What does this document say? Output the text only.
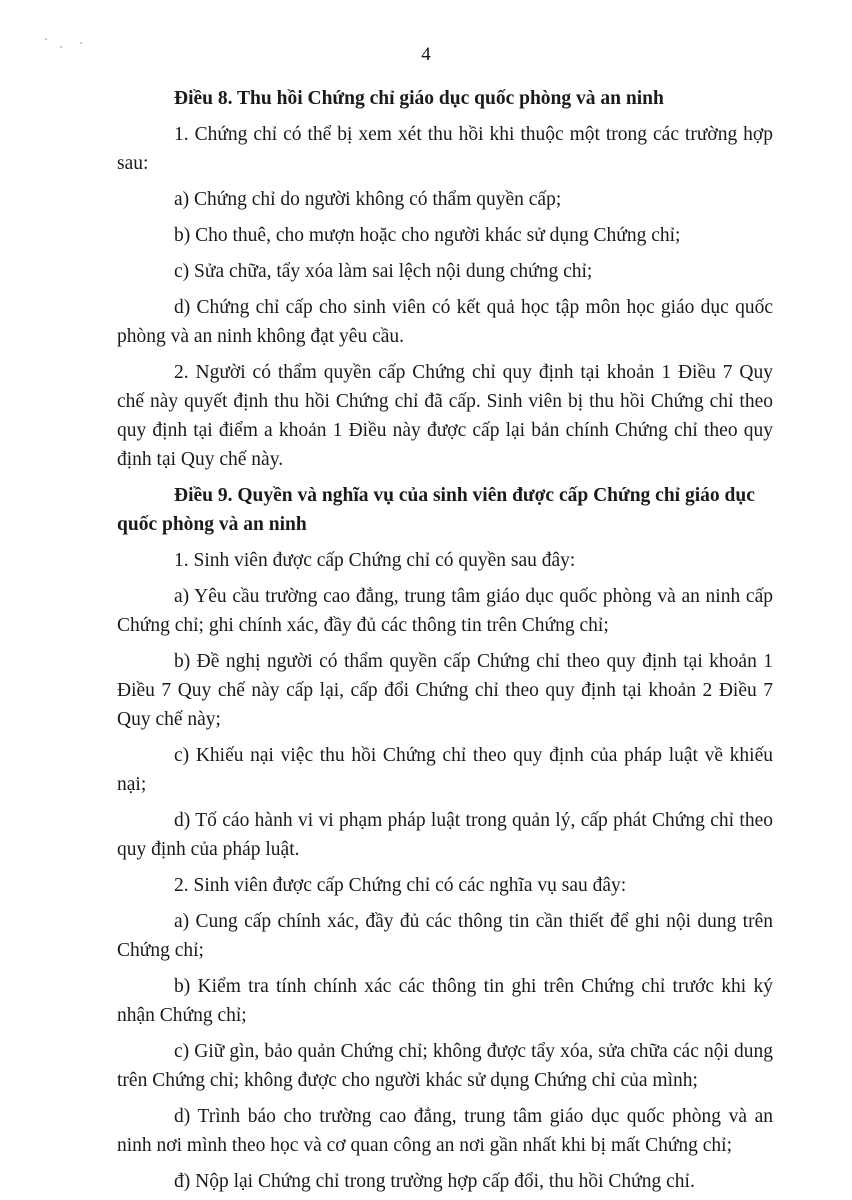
4
Điều 8. Thu hồi Chứng chỉ giáo dục quốc phòng và an ninh

1. Chứng chỉ có thể bị xem xét thu hồi khi thuộc một trong các trường hợp sau:

a) Chứng chỉ do người không có thẩm quyền cấp;

b) Cho thuê, cho mượn hoặc cho người khác sử dụng Chứng chỉ;

c) Sửa chữa, tẩy xóa làm sai lệch nội dung chứng chỉ;

d) Chứng chỉ cấp cho sinh viên có kết quả học tập môn học giáo dục quốc phòng và an ninh không đạt yêu cầu.

2. Người có thẩm quyền cấp Chứng chỉ quy định tại khoản 1 Điều 7 Quy chế này quyết định thu hồi Chứng chỉ đã cấp. Sinh viên bị thu hồi Chứng chỉ theo quy định tại điểm a khoản 1 Điều này được cấp lại bản chính Chứng chỉ theo quy định tại Quy chế này.

Điều 9. Quyền và nghĩa vụ của sinh viên được cấp Chứng chỉ giáo dục quốc phòng và an ninh

1. Sinh viên được cấp Chứng chỉ có quyền sau đây:

a) Yêu cầu trường cao đẳng, trung tâm giáo dục quốc phòng và an ninh cấp Chứng chỉ; ghi chính xác, đầy đủ các thông tin trên Chứng chỉ;

b) Đề nghị người có thẩm quyền cấp Chứng chỉ theo quy định tại khoản 1 Điều 7 Quy chế này cấp lại, cấp đổi Chứng chỉ theo quy định tại khoản 2 Điều 7 Quy chế này;

c) Khiếu nại việc thu hồi Chứng chỉ theo quy định của pháp luật về khiếu nại;

d) Tố cáo hành vi vi phạm pháp luật trong quản lý, cấp phát Chứng chỉ theo quy định của pháp luật.

2. Sinh viên được cấp Chứng chỉ có các nghĩa vụ sau đây:

a) Cung cấp chính xác, đầy đủ các thông tin cần thiết để ghi nội dung trên Chứng chỉ;

b) Kiểm tra tính chính xác các thông tin ghi trên Chứng chỉ trước khi ký nhận Chứng chỉ;

c) Giữ gìn, bảo quản Chứng chỉ; không được tẩy xóa, sửa chữa các nội dung trên Chứng chỉ; không được cho người khác sử dụng Chứng chỉ của mình;

d) Trình báo cho trường cao đẳng, trung tâm giáo dục quốc phòng và an ninh nơi mình theo học và cơ quan công an nơi gần nhất khi bị mất Chứng chỉ;

đ) Nộp lại Chứng chỉ trong trường hợp cấp đổi, thu hồi Chứng chỉ.
